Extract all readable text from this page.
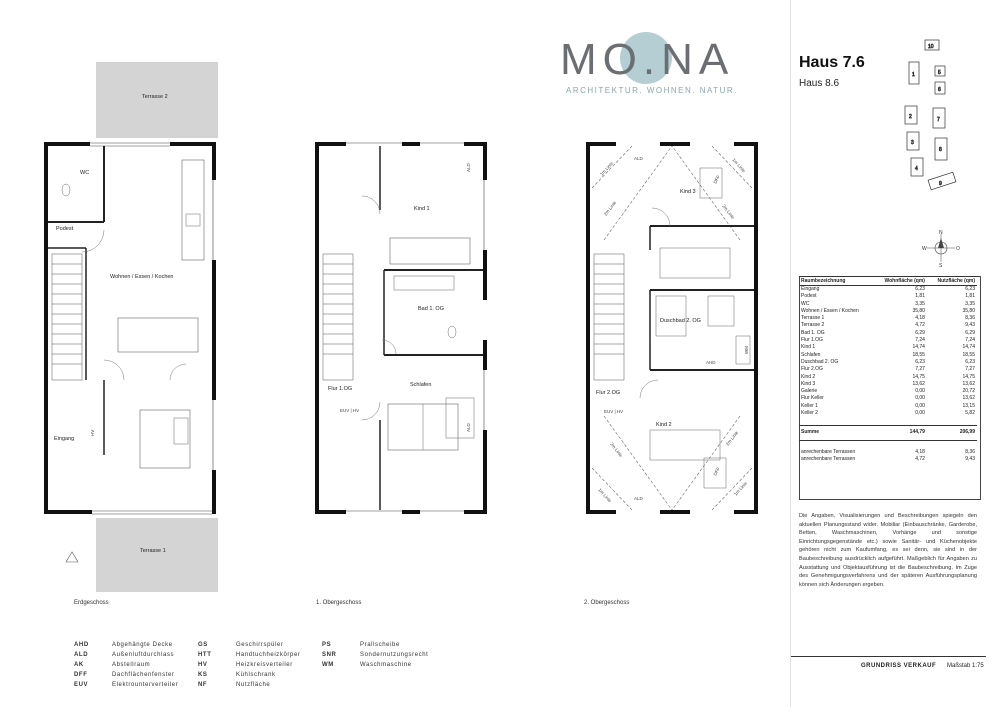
Terrasse 2
Terrasse 1
WC
Podest
Wohnen / Essen / Kochen
Eingang
HV
Kind 1
Bad 1. OG
Schlafen
Flur 1.OG
EUV | HV
ALD
ALD
Kind 3
Duschbad 2. OG
Flur 2.OG
EUV | HV
Kind 2
DFF
DFF
WM
AHD
ALD
ALD
1m Linie	1m Linie
1m Linie	1m Linie
2m Linie	2m Linie
2m Linie
2m Linie
Erdgeschoss	1. Obergeschoss	2. Obergeschoss
MO.NA
ARCHITEKTUR. WOHNEN. NATUR.
AHD	Abgehängte Decke
ALD	Außenluftdurchlass
AK	Abstellraum
DFF	Dachflächenfenster
EUV	Elektrounterverteiler
GS	Geschirrspüler
HTT	Handtuchheizkörper
HV	Heizkreisverteiler
KS	Kühlschrank
NF	Nutzfläche
PS	Prallscheibe
SNR	Sondernutzungsrecht
WM	Waschmaschine
Haus 7.6
Haus 8.6
10
1
2
3
4
5
6
7
8
9
N
S
W	O
Raumbezeichnung	Wohnfläche (qm)	Nutzfläche (qm)
Eingang	6,23	6,23
Podest	1,81	1,81
WC	3,35	3,35
Wohnen / Essen / Kochen	35,80	35,80
Terrasse 1	4,18	8,36
Terrasse 2	4,72	9,43
Bad 1. OG	6,29	6,29
Flur 1.OG	7,24	7,24
Kind 1	14,74	14,74
Schlafen	18,55	18,55
Duschbad 2. OG	6,23	6,23
Flur 2.OG	7,27	7,27
Kind 2	14,75	14,75
Kind 3	13,62	13,62
Galerie	0,00	20,72
Flur Keller	0,00	13,62
Keller 1	0,00	13,15
Keller 2	0,00	5,82

Summe	144,79	206,99

anrechenbare Terrassen	4,18	8,36
anrechenbare Terrassen	4,72	9,43
Die Angaben, Visualisierungen und Beschreibungen spiegeln den aktuellen Planungsstand wider. Mobiliar (Einbauschränke, Garderobe, Betten, Waschmaschinen, Vorhänge und sonstige Einrichtungsgegenstände etc.) sowie Sanitär- und Küchenobjekte gehören nicht zum Kaufumfang, es sei denn, sie sind in der Baubeschreibung ausdrücklich aufgeführt. Maßgeblich für Angaben zu Ausstattung und Objektausführung ist die Baubeschreibung. Im Zuge des Genehmigungsverfahrens und der späteren Ausführungsplanung können sich Änderungen ergeben.
GRUNDRISS VERKAUF Maßstab 1:75
